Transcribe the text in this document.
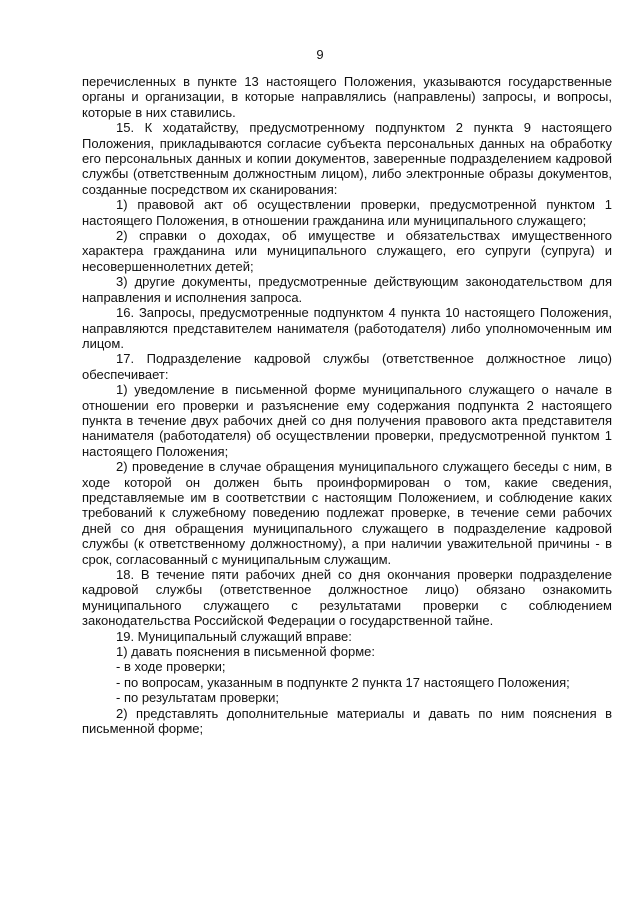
9

перечисленных в пункте 13 настоящего Положения, указываются государственные органы и организации, в которые направлялись (направлены) запросы, и вопросы, которые в них ставились.

15. К ходатайству, предусмотренному подпунктом 2 пункта 9 настоящего Положения, прикладываются согласие субъекта персональных данных на обработку его персональных данных и копии документов, заверенные подразделением кадровой службы (ответственным должностным лицом), либо электронные образы документов, созданные посредством их сканирования:

1) правовой акт об осуществлении проверки, предусмотренной пунктом 1 настоящего Положения, в отношении гражданина или муниципального служащего;

2) справки о доходах, об имуществе и обязательствах имущественного характера гражданина или муниципального служащего, его супруги (супруга) и несовершеннолетних детей;

3) другие документы, предусмотренные действующим законодательством для направления и исполнения запроса.

16. Запросы, предусмотренные подпунктом 4 пункта 10 настоящего Положения, направляются представителем нанимателя (работодателя) либо уполномоченным им лицом.

17. Подразделение кадровой службы (ответственное должностное лицо) обеспечивает:

1) уведомление в письменной форме муниципального служащего о начале в отношении его проверки и разъяснение ему содержания подпункта 2 настоящего пункта в течение двух рабочих дней со дня получения правового акта представителя нанимателя (работодателя) об осуществлении проверки, предусмотренной пунктом 1 настоящего Положения;

2) проведение в случае обращения муниципального служащего беседы с ним, в ходе которой он должен быть проинформирован о том, какие сведения, представляемые им в соответствии с настоящим Положением, и соблюдение каких требований к служебному поведению подлежат проверке, в течение семи рабочих дней со дня обращения муниципального служащего в подразделение кадровой службы (к ответственному должностному), а при наличии уважительной причины - в срок, согласованный с муниципальным служащим.

18. В течение пяти рабочих дней со дня окончания проверки подразделение кадровой службы (ответственное должностное лицо) обязано ознакомить муниципального служащего с результатами проверки с соблюдением законодательства Российской Федерации о государственной тайне.

19. Муниципальный служащий вправе:

1) давать пояснения в письменной форме:

- в ходе проверки;

- по вопросам, указанным в подпункте 2 пункта 17 настоящего Положения;

- по результатам проверки;

2) представлять дополнительные материалы и давать по ним пояснения в письменной форме;
